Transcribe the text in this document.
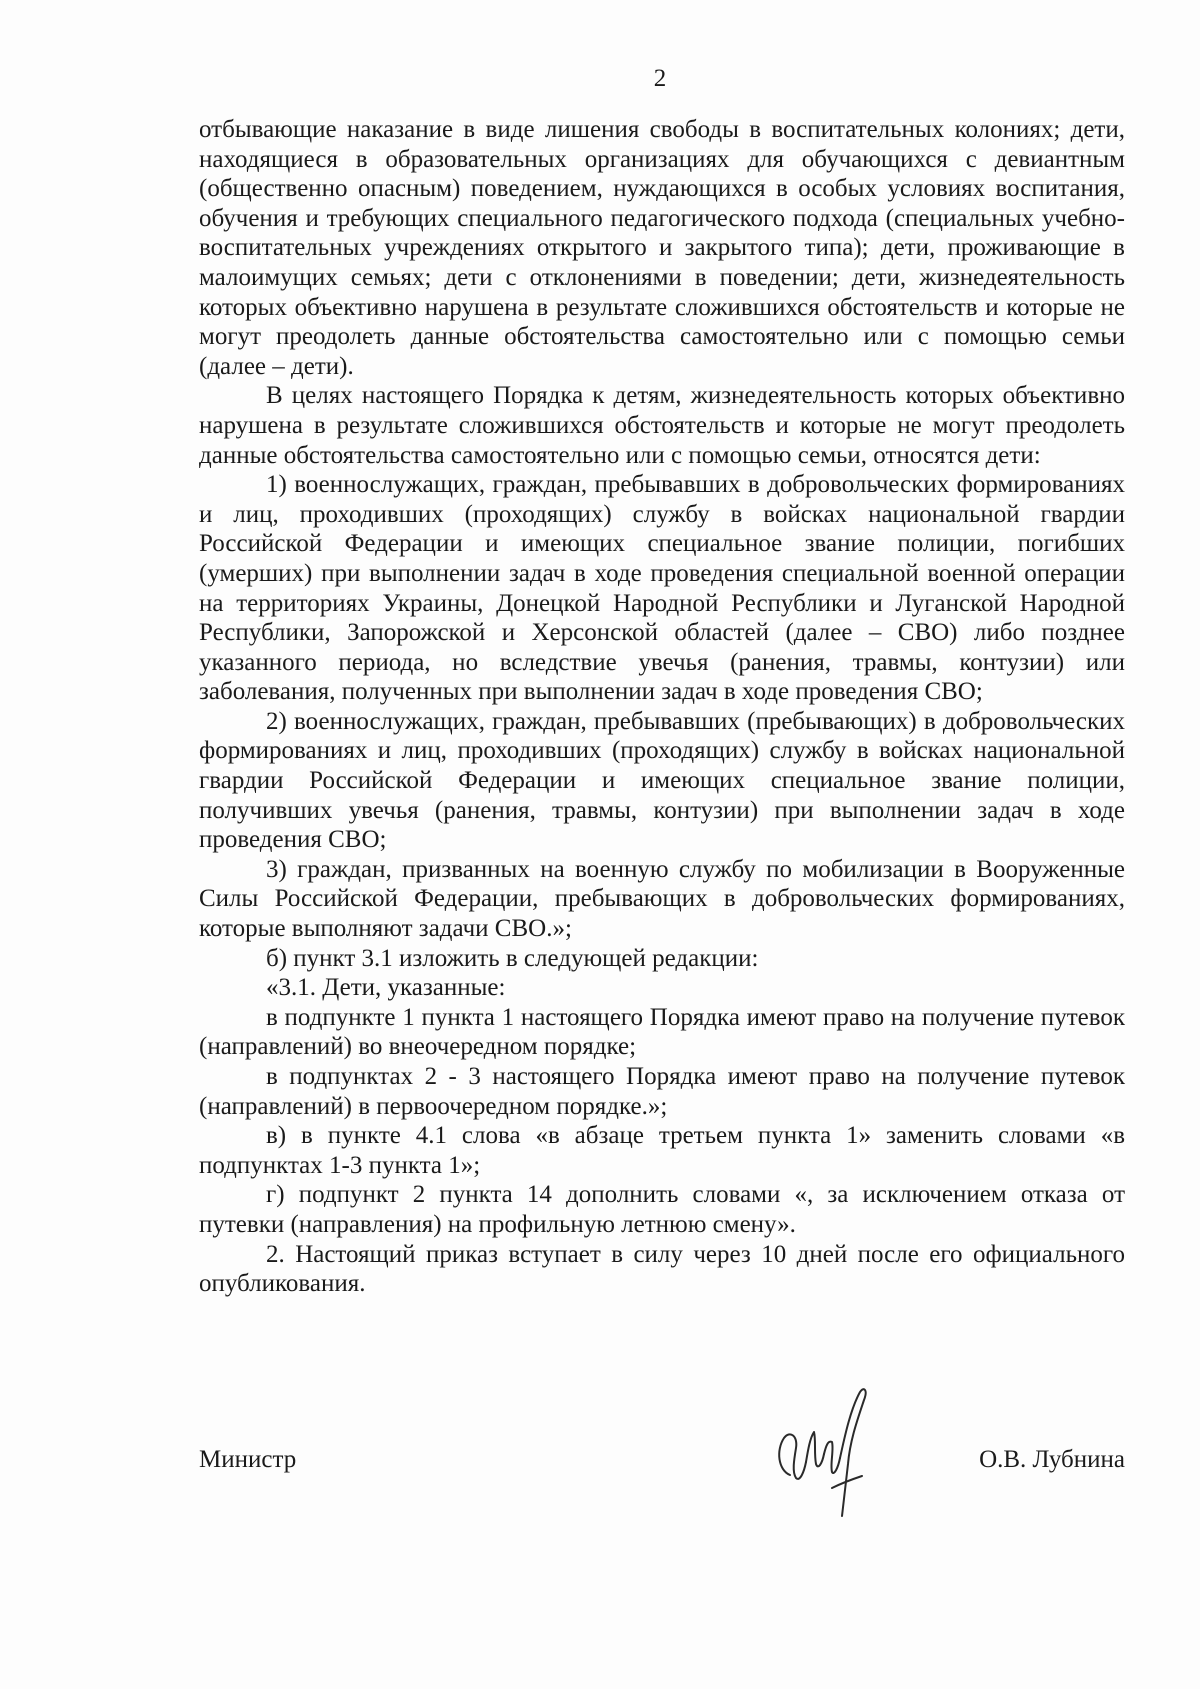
2

отбывающие наказание в виде лишения свободы в воспитательных колониях; дети, находящиеся в образовательных организациях для обучающихся с девиантным (общественно опасным) поведением, нуждающихся в особых условиях воспитания, обучения и требующих специального педагогического подхода (специальных учебно-воспитательных учреждениях открытого и закрытого типа); дети, проживающие в малоимущих семьях; дети с отклонениями в поведении; дети, жизнедеятельность которых объективно нарушена в результате сложившихся обстоятельств и которые не могут преодолеть данные обстоятельства самостоятельно или с помощью семьи (далее – дети).

В целях настоящего Порядка к детям, жизнедеятельность которых объективно нарушена в результате сложившихся обстоятельств и которые не могут преодолеть данные обстоятельства самостоятельно или с помощью семьи, относятся дети:

1) военнослужащих, граждан, пребывавших в добровольческих формированиях и лиц, проходивших (проходящих) службу в войсках национальной гвардии Российской Федерации и имеющих специальное звание полиции, погибших (умерших) при выполнении задач в ходе проведения специальной военной операции на территориях Украины, Донецкой Народной Республики и Луганской Народной Республики, Запорожской и Херсонской областей (далее – СВО) либо позднее указанного периода, но вследствие увечья (ранения, травмы, контузии) или заболевания, полученных при выполнении задач в ходе проведения СВО;

2) военнослужащих, граждан, пребывавших (пребывающих) в добровольческих формированиях и лиц, проходивших (проходящих) службу в войсках национальной гвардии Российской Федерации и имеющих специальное звание полиции, получивших увечья (ранения, травмы, контузии) при выполнении задач в ходе проведения СВО;

3) граждан, призванных на военную службу по мобилизации в Вооруженные Силы Российской Федерации, пребывающих в добровольческих формированиях, которые выполняют задачи СВО.»;

б) пункт 3.1 изложить в следующей редакции:

«3.1. Дети, указанные:

в подпункте 1 пункта 1 настоящего Порядка имеют право на получение путевок (направлений) во внеочередном порядке;

в подпунктах 2 - 3 настоящего Порядка имеют право на получение путевок (направлений) в первоочередном порядке.»;

в) в пункте 4.1 слова «в абзаце третьем пункта 1» заменить словами «в подпунктах 1-3 пункта 1»;

г) подпункт 2 пункта 14 дополнить словами «, за исключением отказа от путевки (направления) на профильную летнюю смену».

2. Настоящий приказ вступает в силу через 10 дней после его официального опубликования.

Министр	О.В. Лубнина
